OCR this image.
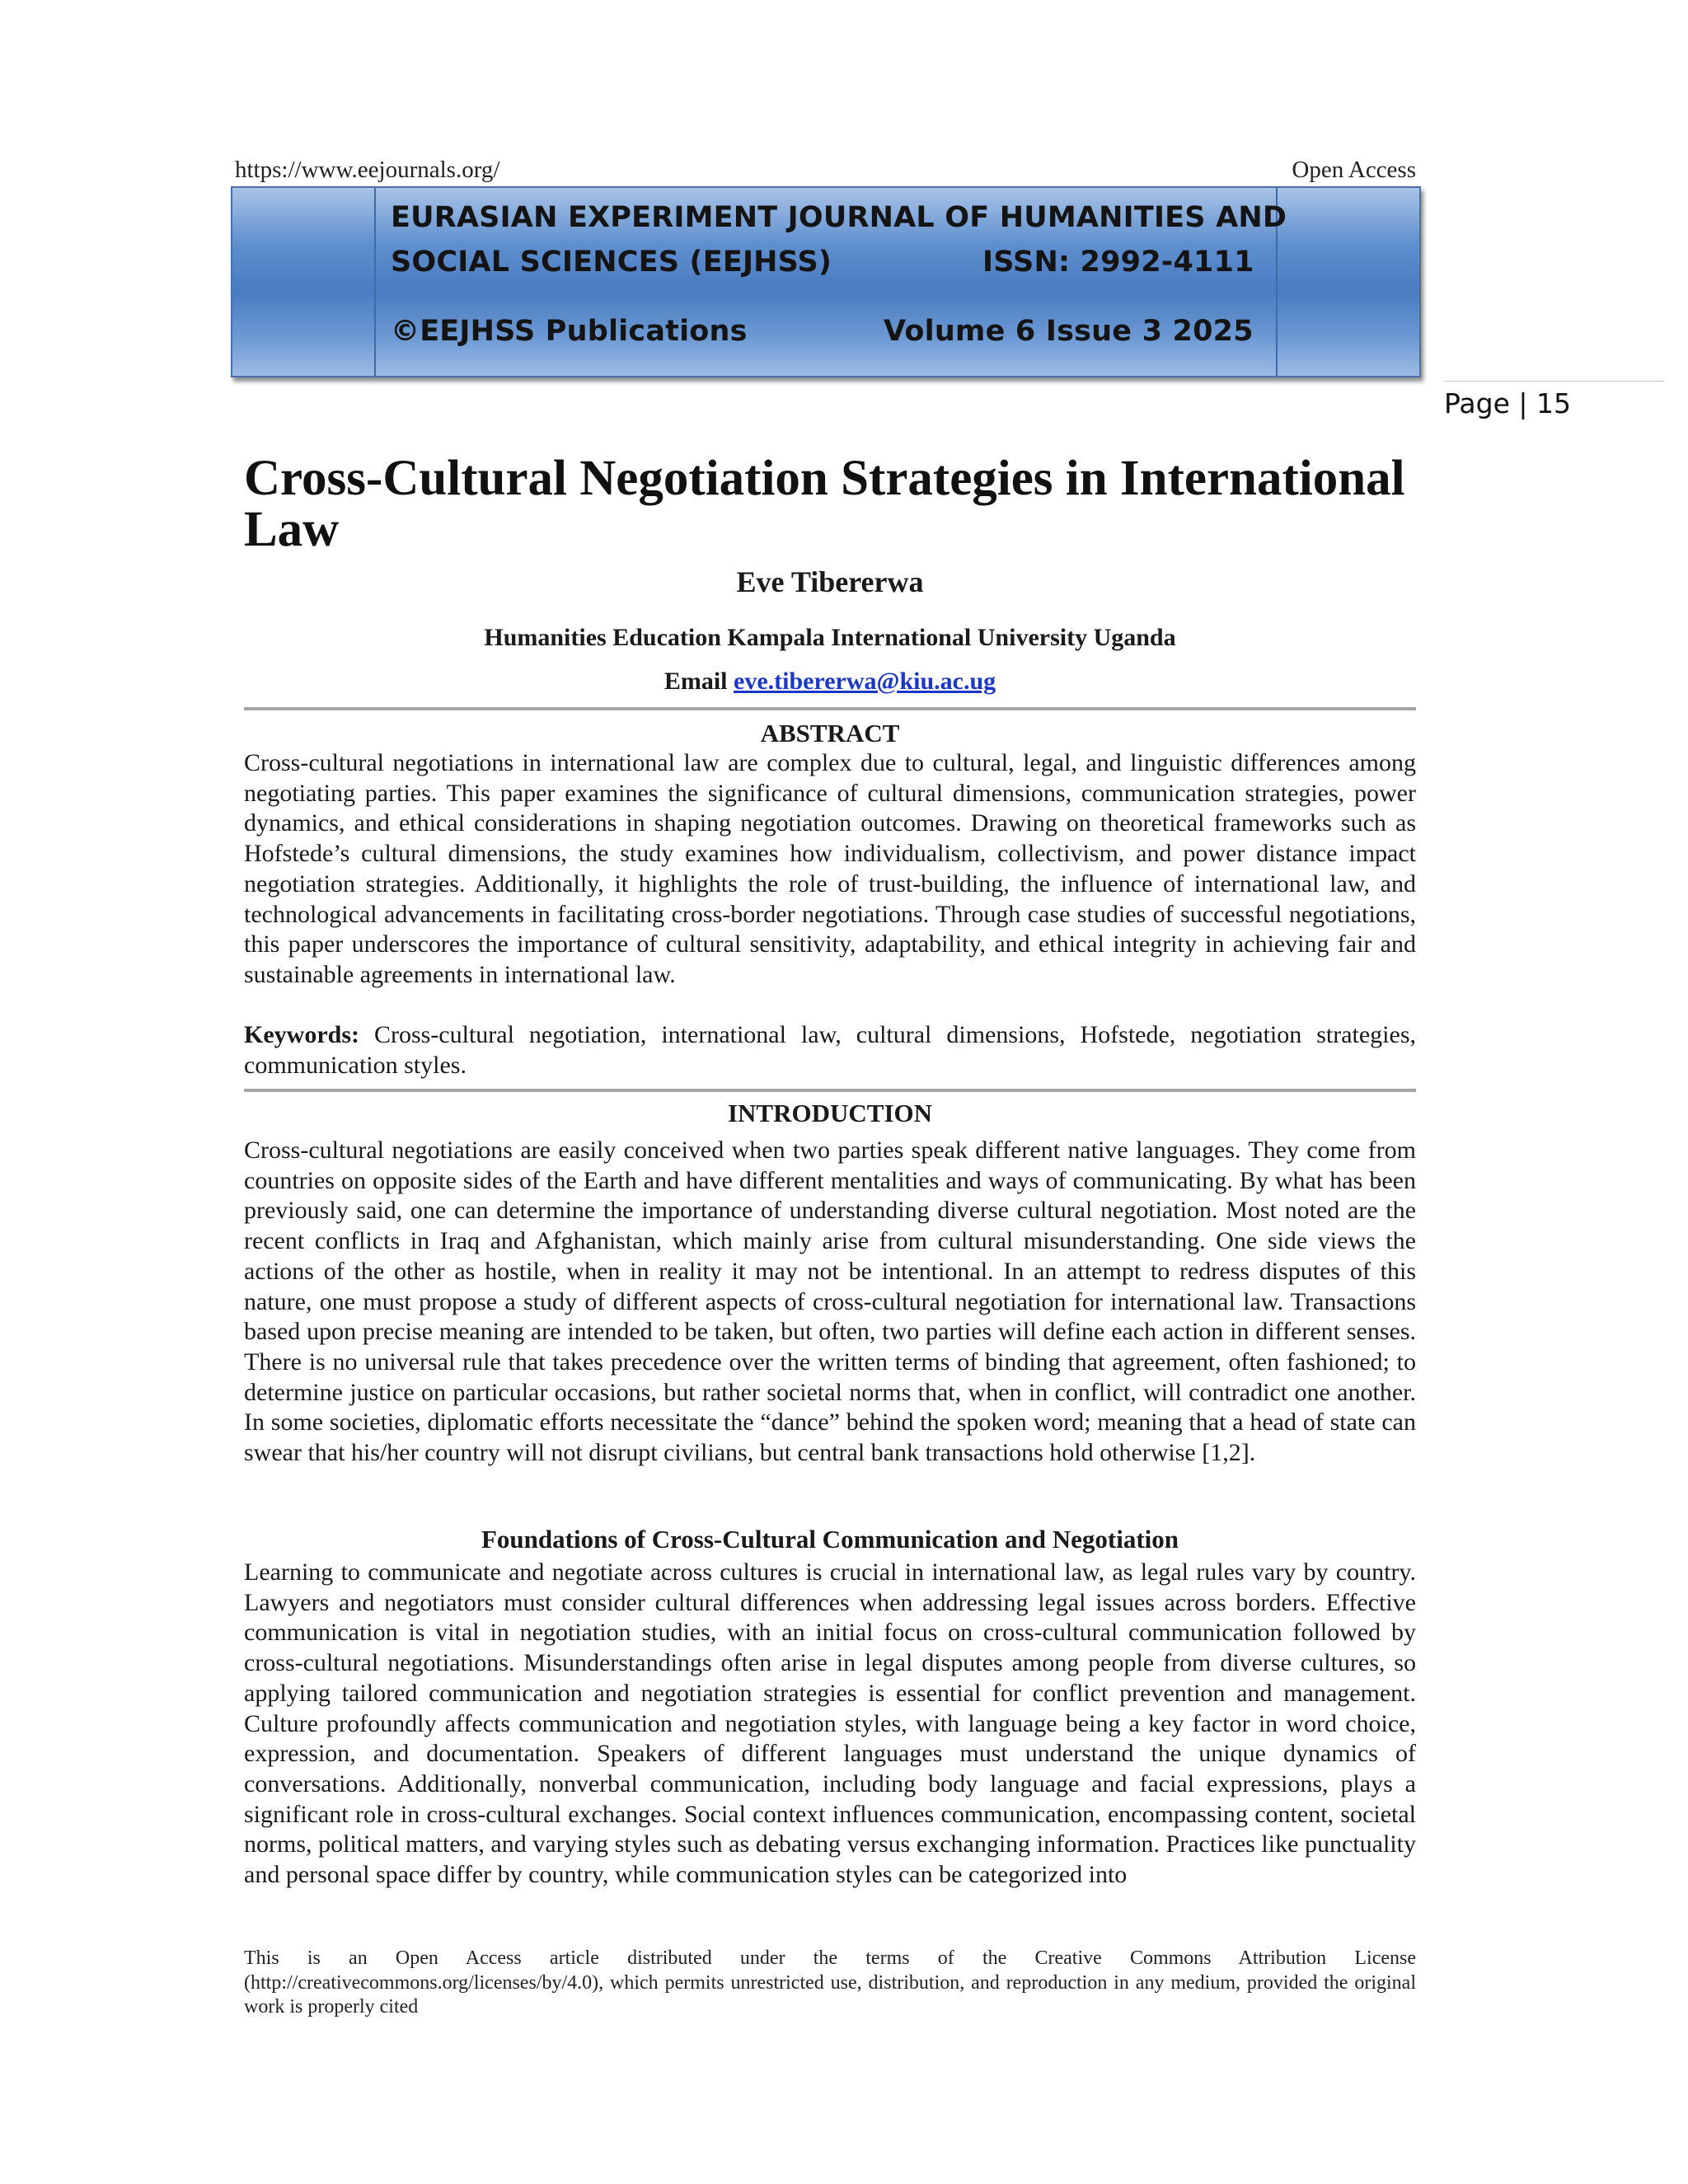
https://www.eejournals.org/	Open Access
EURASIAN EXPERIMENT JOURNAL OF HUMANITIES AND
SOCIAL SCIENCES (EEJHSS)	ISSN: 2992-4111
©EEJHSS Publications	Volume 6 Issue 3 2025
Page | 15
Cross-Cultural Negotiation Strategies in International Law

Eve Tibererwa

Humanities Education Kampala International University Uganda

Email eve.tibererwa@kiu.ac.ug

ABSTRACT

Cross-cultural negotiations in international law are complex due to cultural, legal, and linguistic differences among negotiating parties. This paper examines the significance of cultural dimensions, communication strategies, power dynamics, and ethical considerations in shaping negotiation outcomes. Drawing on theoretical frameworks such as Hofstede’s cultural dimensions, the study examines how individualism, collectivism, and power distance impact negotiation strategies. Additionally, it highlights the role of trust-building, the influence of international law, and technological advancements in facilitating cross-border negotiations. Through case studies of successful negotiations, this paper underscores the importance of cultural sensitivity, adaptability, and ethical integrity in achieving fair and sustainable agreements in international law.

Keywords: Cross-cultural negotiation, international law, cultural dimensions, Hofstede, negotiation strategies, communication styles.

INTRODUCTION

Cross-cultural negotiations are easily conceived when two parties speak different native languages. They come from countries on opposite sides of the Earth and have different mentalities and ways of communicating. By what has been previously said, one can determine the importance of understanding diverse cultural negotiation. Most noted are the recent conflicts in Iraq and Afghanistan, which mainly arise from cultural misunderstanding. One side views the actions of the other as hostile, when in reality it may not be intentional. In an attempt to redress disputes of this nature, one must propose a study of different aspects of cross-cultural negotiation for international law. Transactions based upon precise meaning are intended to be taken, but often, two parties will define each action in different senses. There is no universal rule that takes precedence over the written terms of binding that agreement, often fashioned; to determine justice on particular occasions, but rather societal norms that, when in conflict, will contradict one another. In some societies, diplomatic efforts necessitate the “dance” behind the spoken word; meaning that a head of state can swear that his/her country will not disrupt civilians, but central bank transactions hold otherwise [1,2].

Foundations of Cross-Cultural Communication and Negotiation

Learning to communicate and negotiate across cultures is crucial in international law, as legal rules vary by country. Lawyers and negotiators must consider cultural differences when addressing legal issues across borders. Effective communication is vital in negotiation studies, with an initial focus on cross-cultural communication followed by cross-cultural negotiations. Misunderstandings often arise in legal disputes among people from diverse cultures, so applying tailored communication and negotiation strategies is essential for conflict prevention and management. Culture profoundly affects communication and negotiation styles, with language being a key factor in word choice, expression, and documentation. Speakers of different languages must understand the unique dynamics of conversations. Additionally, nonverbal communication, including body language and facial expressions, plays a significant role in cross-cultural exchanges. Social context influences communication, encompassing content, societal norms, political matters, and varying styles such as debating versus exchanging information. Practices like punctuality and personal space differ by country, while communication styles can be categorized into

This is an Open Access article distributed under the terms of the Creative Commons Attribution License (http://creativecommons.org/licenses/by/4.0), which permits unrestricted use, distribution, and reproduction in any medium, provided the original work is properly cited
